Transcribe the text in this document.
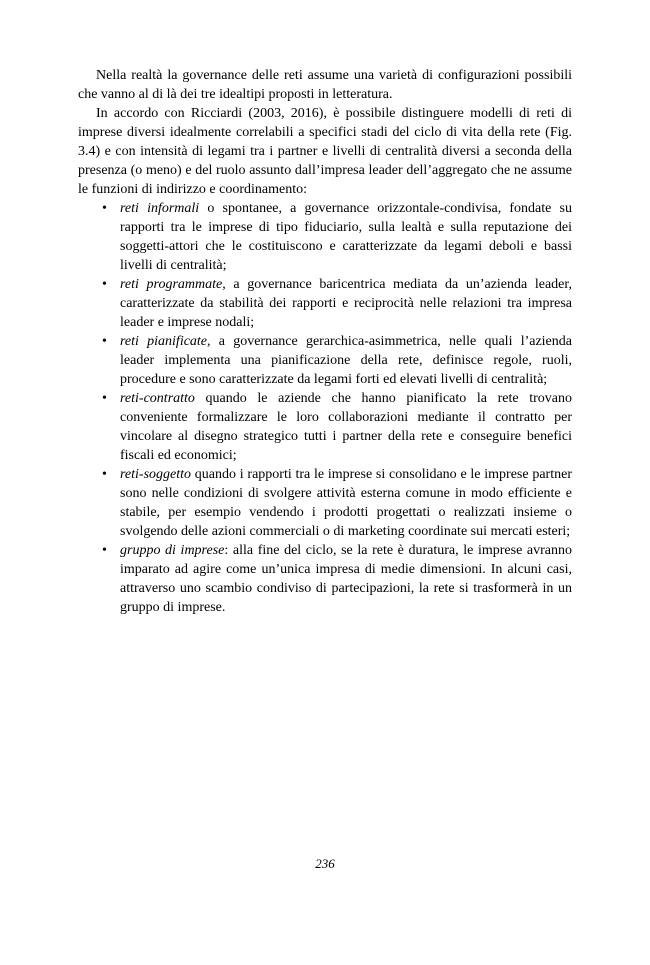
Nella realtà la governance delle reti assume una varietà di configurazioni possibili che vanno al di là dei tre idealtipi proposti in letteratura.

In accordo con Ricciardi (2003, 2016), è possibile distinguere modelli di reti di imprese diversi idealmente correlabili a specifici stadi del ciclo di vita della rete (Fig. 3.4) e con intensità di legami tra i partner e livelli di centralità diversi a seconda della presenza (o meno) e del ruolo assunto dall’impresa leader dell’aggregato che ne assume le funzioni di indirizzo e coordinamento:

• reti informali o spontanee, a governance orizzontale-condivisa, fondate su rapporti tra le imprese di tipo fiduciario, sulla lealtà e sulla reputazione dei soggetti-attori che le costituiscono e caratterizzate da legami deboli e bassi livelli di centralità;
• reti programmate, a governance baricentrica mediata da un’azienda leader, caratterizzate da stabilità dei rapporti e reciprocità nelle relazioni tra impresa leader e imprese nodali;
• reti pianificate, a governance gerarchica-asimmetrica, nelle quali l’azienda leader implementa una pianificazione della rete, definisce regole, ruoli, procedure e sono caratterizzate da legami forti ed elevati livelli di centralità;
• reti-contratto quando le aziende che hanno pianificato la rete trovano conveniente formalizzare le loro collaborazioni mediante il contratto per vincolare al disegno strategico tutti i partner della rete e conseguire benefici fiscali ed economici;
• reti-soggetto quando i rapporti tra le imprese si consolidano e le imprese partner sono nelle condizioni di svolgere attività esterna comune in modo efficiente e stabile, per esempio vendendo i prodotti progettati o realizzati insieme o svolgendo delle azioni commerciali o di marketing coordinate sui mercati esteri;
• gruppo di imprese: alla fine del ciclo, se la rete è duratura, le imprese avranno imparato ad agire come un’unica impresa di medie dimensioni. In alcuni casi, attraverso uno scambio condiviso di partecipazioni, la rete si trasformerà in un gruppo di imprese.
236
